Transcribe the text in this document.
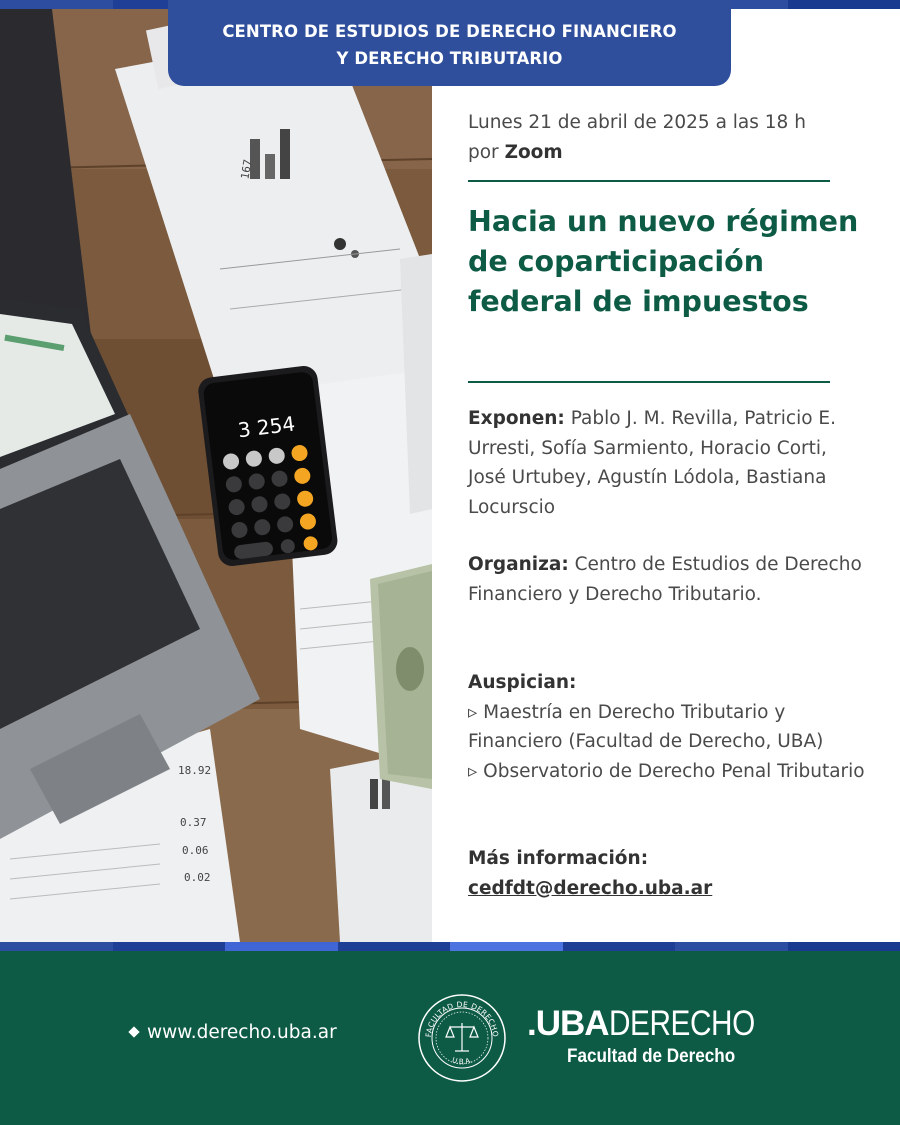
18.92
0.37
0.06
0.02
167
3 254
CENTRO DE ESTUDIOS DE DERECHO FINANCIERO
Y DERECHO TRIBUTARIO
Lunes 21 de abril de 2025 a las 18 h
por Zoom
Hacia un nuevo régimen de coparticipación federal de impuestos
Exponen: Pablo J. M. Revilla, Patricio E. Urresti, Sofía Sarmiento, Horacio Corti, José Urtubey, Agustín Lódola, Bastiana Locurscio
Organiza: Centro de Estudios de Derecho Financiero y Derecho Tributario.
Auspician:
▹ Maestría en Derecho Tributario y Financiero (Facultad de Derecho, UBA)
▹ Observatorio de Derecho Penal Tributario
Más información:
cedfdt@derecho.uba.ar
www.derecho.uba.ar	FACULTAD DE DERECHO
U.B.A.
.UBADERECHO
Facultad de Derecho
